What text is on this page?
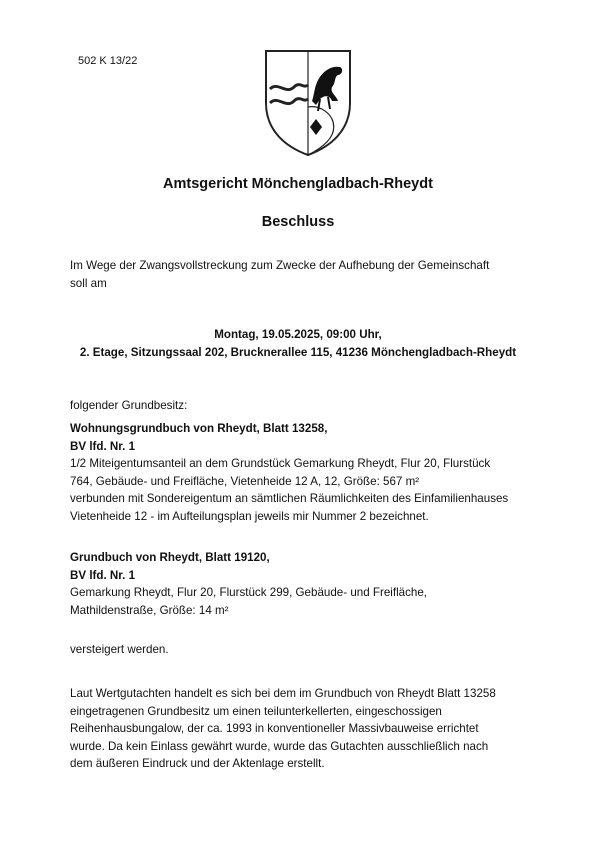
502 K 13/22
Amtsgericht Mönchengladbach-Rheydt
Beschluss
Im Wege der Zwangsvollstreckung zum Zwecke der Aufhebung der Gemeinschaft
soll am
Montag, 19.05.2025, 09:00 Uhr,
2. Etage, Sitzungssaal 202, Brucknerallee 115, 41236 Mönchengladbach-Rheydt
folgender Grundbesitz:
Wohnungsgrundbuch von Rheydt, Blatt 13258,
BV lfd. Nr. 1
1/2 Miteigentumsanteil an dem Grundstück Gemarkung Rheydt, Flur 20, Flurstück
764, Gebäude- und Freifläche, Vietenheide 12 A, 12, Größe: 567 m²
verbunden mit Sondereigentum an sämtlichen Räumlichkeiten des Einfamilienhauses
Vietenheide 12 - im Aufteilungsplan jeweils mir Nummer 2 bezeichnet.
Grundbuch von Rheydt, Blatt 19120,
BV lfd. Nr. 1
Gemarkung Rheydt, Flur 20, Flurstück 299, Gebäude- und Freifläche,
Mathildenstraße, Größe: 14 m²
versteigert werden.
Laut Wertgutachten handelt es sich bei dem im Grundbuch von Rheydt Blatt 13258
eingetragenen Grundbesitz um einen teilunterkellerten, eingeschossigen
Reihenhausbungalow, der ca. 1993 in konventioneller Massivbauweise errichtet
wurde. Da kein Einlass gewährt wurde, wurde das Gutachten ausschließlich nach
dem äußeren Eindruck und der Aktenlage erstellt.
